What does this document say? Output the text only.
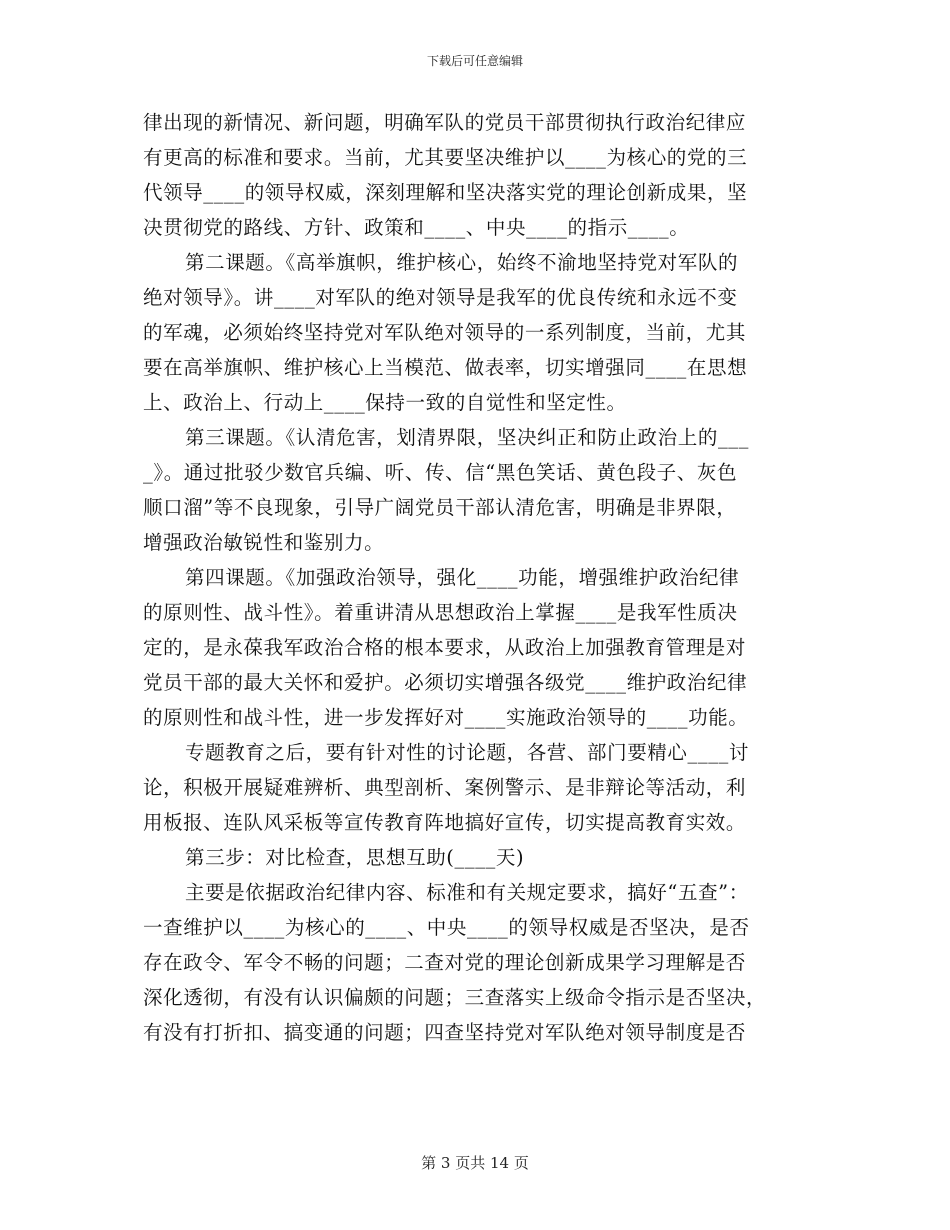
下载后可任意编辑
律出现的新情况、新问题，明确军队的党员干部贯彻执行政治纪律应
有更高的标准和要求。当前，尤其要坚决维护以____为核心的党的三
代领导____的领导权威，深刻理解和坚决落实党的理论创新成果，坚
决贯彻党的路线、方针、政策和____、中央____的指示____。
第二课题。《高举旗帜，维护核心，始终不渝地坚持党对军队的
绝对领导》。讲____对军队的绝对领导是我军的优良传统和永远不变
的军魂，必须始终坚持党对军队绝对领导的一系列制度，当前，尤其
要在高举旗帜、维护核心上当模范、做表率，切实增强同____在思想
上、政治上、行动上____保持一致的自觉性和坚定性。
第三课题。《认清危害，划清界限，坚决纠正和防止政治上的___
_》。通过批驳少数官兵编、听、传、信“黑色笑话、黄色段子、灰色
顺口溜”等不良现象，引导广阔党员干部认清危害，明确是非界限，
增强政治敏锐性和鉴别力。
第四课题。《加强政治领导，强化____功能，增强维护政治纪律
的原则性、战斗性》。着重讲清从思想政治上掌握____是我军性质决
定的，是永葆我军政治合格的根本要求，从政治上加强教育管理是对
党员干部的最大关怀和爱护。必须切实增强各级党____维护政治纪律
的原则性和战斗性，进一步发挥好对____实施政治领导的____功能。
专题教育之后，要有针对性的讨论题，各营、部门要精心____讨
论，积极开展疑难辨析、典型剖析、案例警示、是非辩论等活动，利
用板报、连队风采板等宣传教育阵地搞好宣传，切实提高教育实效。
第三步：对比检查，思想互助(____天)
主要是依据政治纪律内容、标准和有关规定要求，搞好“五查”：
一查维护以____为核心的____、中央____的领导权威是否坚决，是否
存在政令、军令不畅的问题；二查对党的理论创新成果学习理解是否
深化透彻，有没有认识偏颇的问题；三查落实上级命令指示是否坚决，
有没有打折扣、搞变通的问题；四查坚持党对军队绝对领导制度是否
第 3 页共 14 页
